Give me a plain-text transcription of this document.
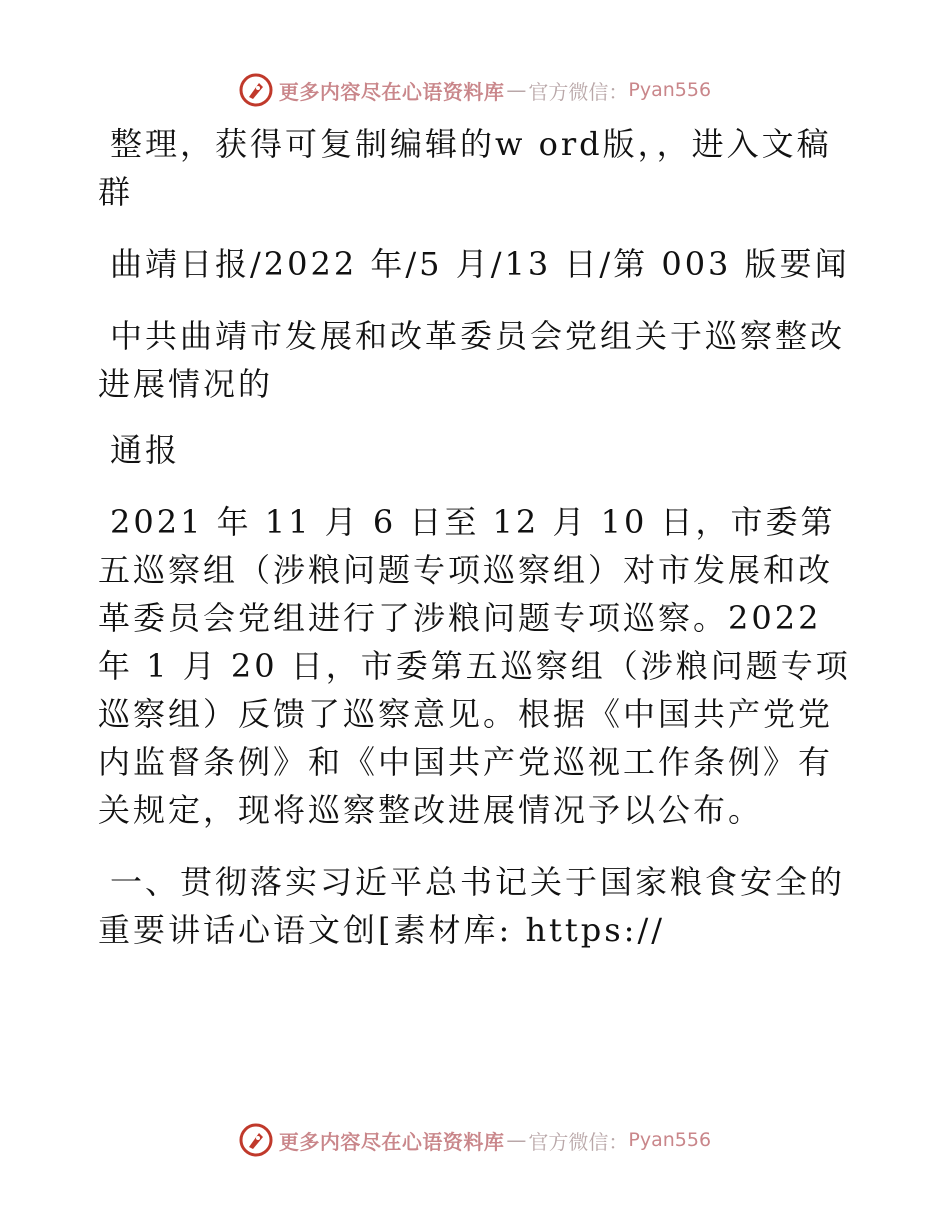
更多内容尽在心语资料库 — 官方微信： Pyan556

整理，获得可复制编辑的w ord版，，进入文稿群

曲靖日报/2022 年/5 月/13 日/第 003 版要闻

中共曲靖市发展和改革委员会党组关于巡察整改进展情况的

通报

2021 年 11 月 6 日至 12 月 10 日，市委第五巡察组（涉粮问题专项巡察组）对市发展和改革委员会党组进行了涉粮问题专项巡察。2022 年 1 月 20 日，市委第五巡察组（涉粮问题专项巡察组）反馈了巡察意见。根据《中国共产党党内监督条例》和《中国共产党巡视工作条例》有关规定，现将巡察整改进展情况予以公布。

一、贯彻落实习近平总书记关于国家粮食安全的重要讲话心语文创[素材库: https://

更多内容尽在心语资料库 — 官方微信： Pyan556
